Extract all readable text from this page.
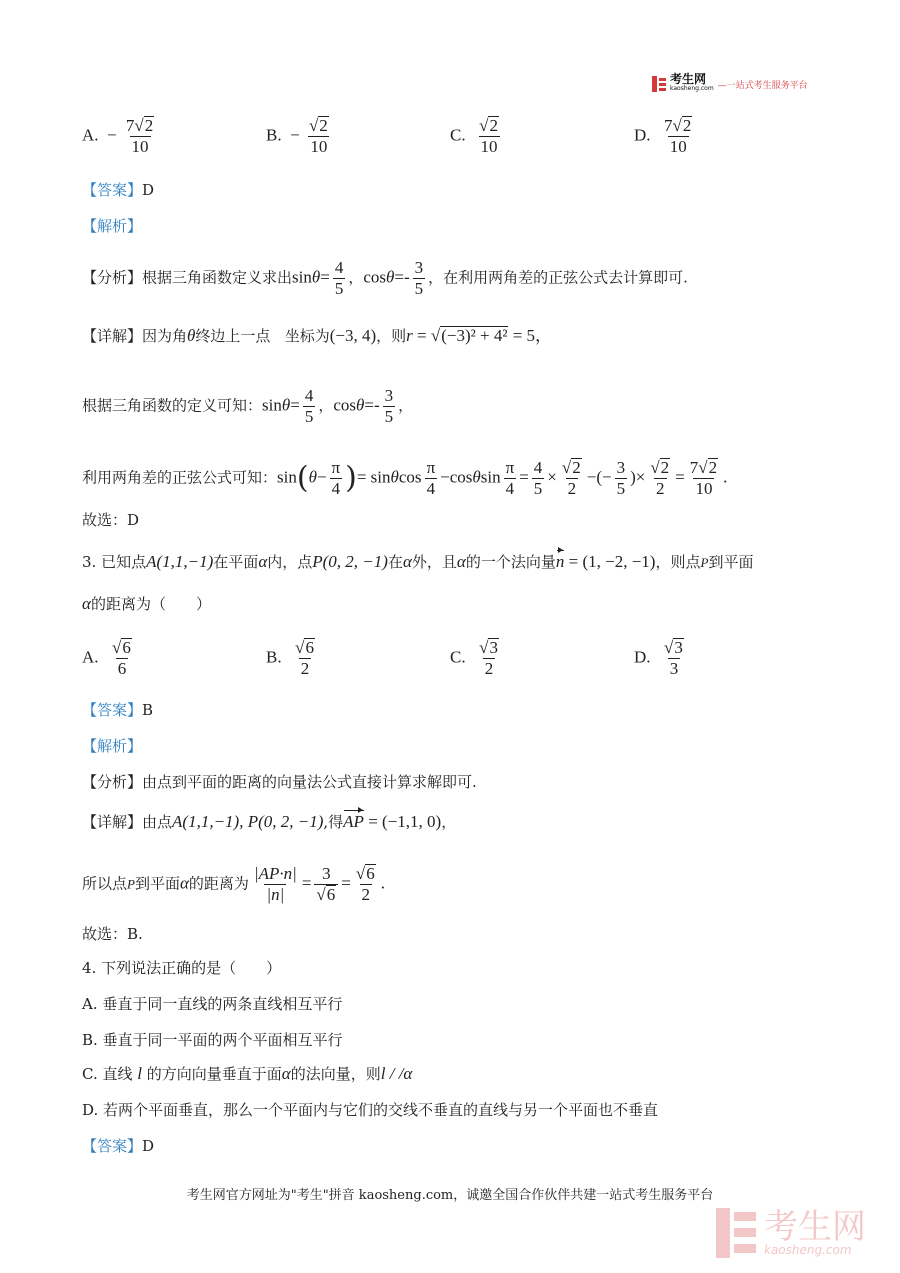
考生网
kaosheng.com —一站式考生服务平台
A. − $\frac{7√2}{10}$	B. − $\frac{√2}{10}$	C. $\frac{√2}{10}$	D. $\frac{7√2}{10}$
【答案】D
【解析】
【分析】根据三角函数定义求出$\sin\theta= \frac{4}{5}$ ，$\cos\theta=- \frac{3}{5}$ ，在利用两角差的正弦公式去计算即可.
【详解】因为角θ终边上一点 坐标为(−3, 4)，则r = √(−3)² + 4² = 5，
根据三角函数的定义可知：$\sin\theta= \frac{4}{5}$ ，$\cos\theta=- \frac{3}{5}$ ，
利用两角差的正弦公式可知：$\sin(\theta- \frac{\pi}{4}$ )= sinθcos $\frac{\pi}{4} -\cos\theta\sin \frac{\pi}{4} = \frac{4}{5} \times \frac{√2}{2}$ −(− $\frac{3}{5}$ )× $\frac{√2}{2} = \frac{7√2}{10}$ .
故选：D
3. 已知点A(1,1,−1)在平面α内，点P(0, 2, −1)在α外，且α的一个法向量n = (1, −2, −1)，则点P到平面
α的距离为（　　）
A. $\frac{√6}{6}$	B. $\frac{√6}{2}$	C. $\frac{√3}{2}$	D. $\frac{√3}{3}$
【答案】B
【解析】
【分析】由点到平面的距离的向量法公式直接计算求解即可.
【详解】由点A(1,1,−1), P(0, 2, −1),得AP = (−1,1, 0)，
所以点P到平面α的距离为 $\frac{|AP\cdot n|}{|n|} = \frac{3}{√6} = \frac{√6}{2}$ .
故选：B.
4. 下列说法正确的是（　　）
A. 垂直于同一直线的两条直线相互平行
B. 垂直于同一平面的两个平面相互平行
C. 直线 l 的方向向量垂直于面α的法向量，则l / /α
D. 若两个平面垂直，那么一个平面内与它们的交线不垂直的直线与另一个平面也不垂直
【答案】D
考生网官方网址为"考生"拼音 kaosheng.com，诚邀全国合作伙伴共建一站式考生服务平台
考生网
kaosheng.com
